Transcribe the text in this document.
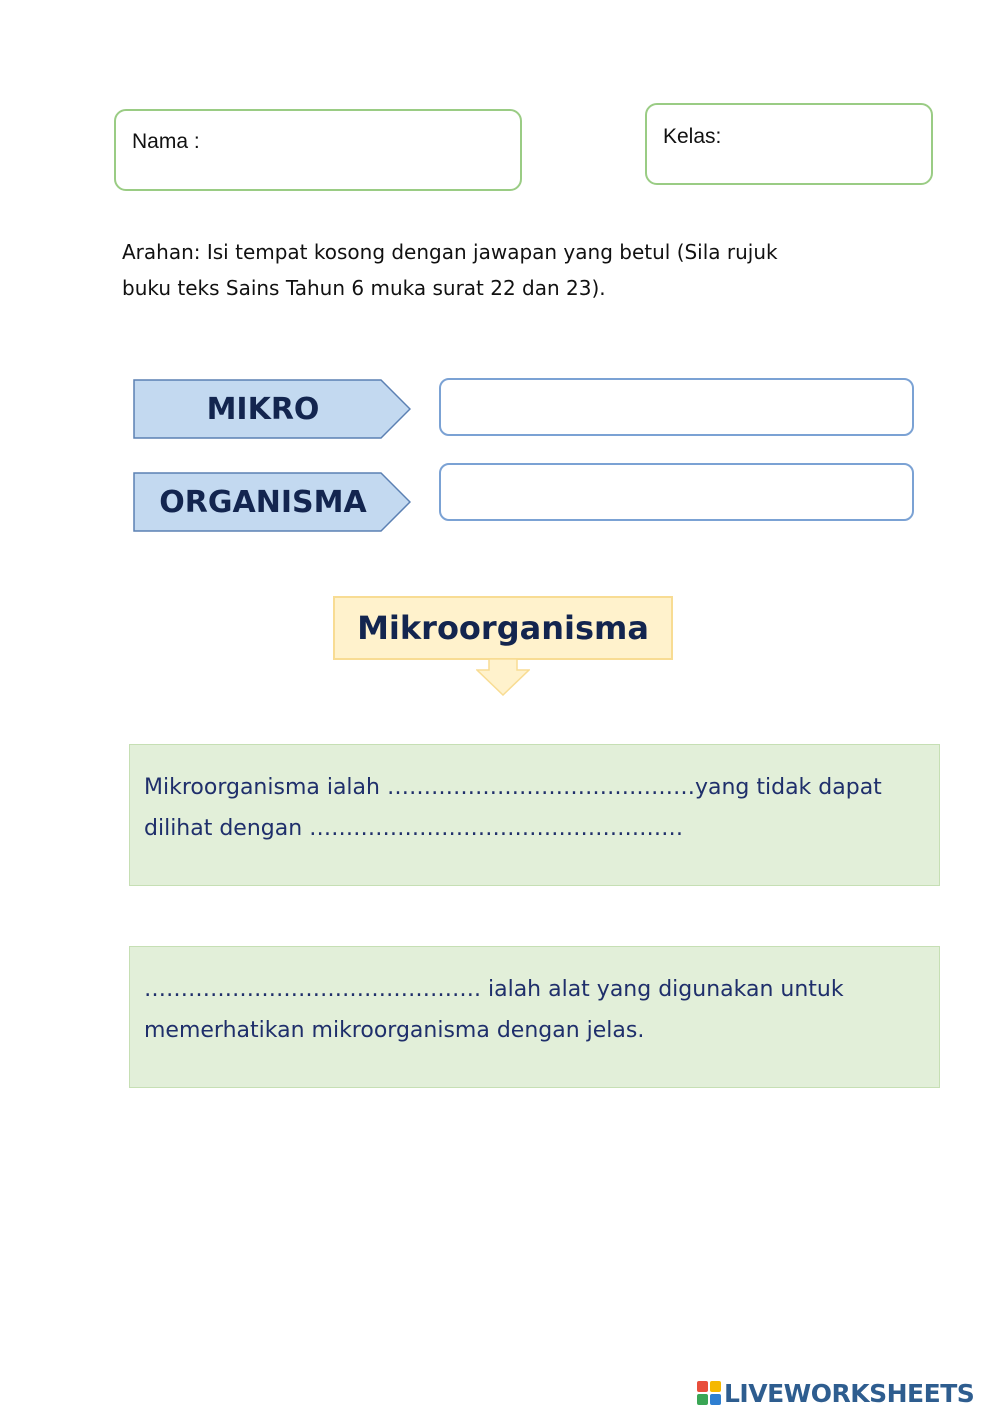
Nama :	Kelas:
Arahan: Isi tempat kosong dengan jawapan yang betul (Sila rujuk
buku teks Sains Tahun 6 muka surat 22 dan 23).
MIKRO
ORGANISMA
Mikroorganisma
Mikroorganisma ialah ……………………………………yang tidak dapat
dilihat dengan ……………………………………………
………………………………………. ialah alat yang digunakan untuk
memerhatikan mikroorganisma dengan jelas.
LIVEWORKSHEETS
